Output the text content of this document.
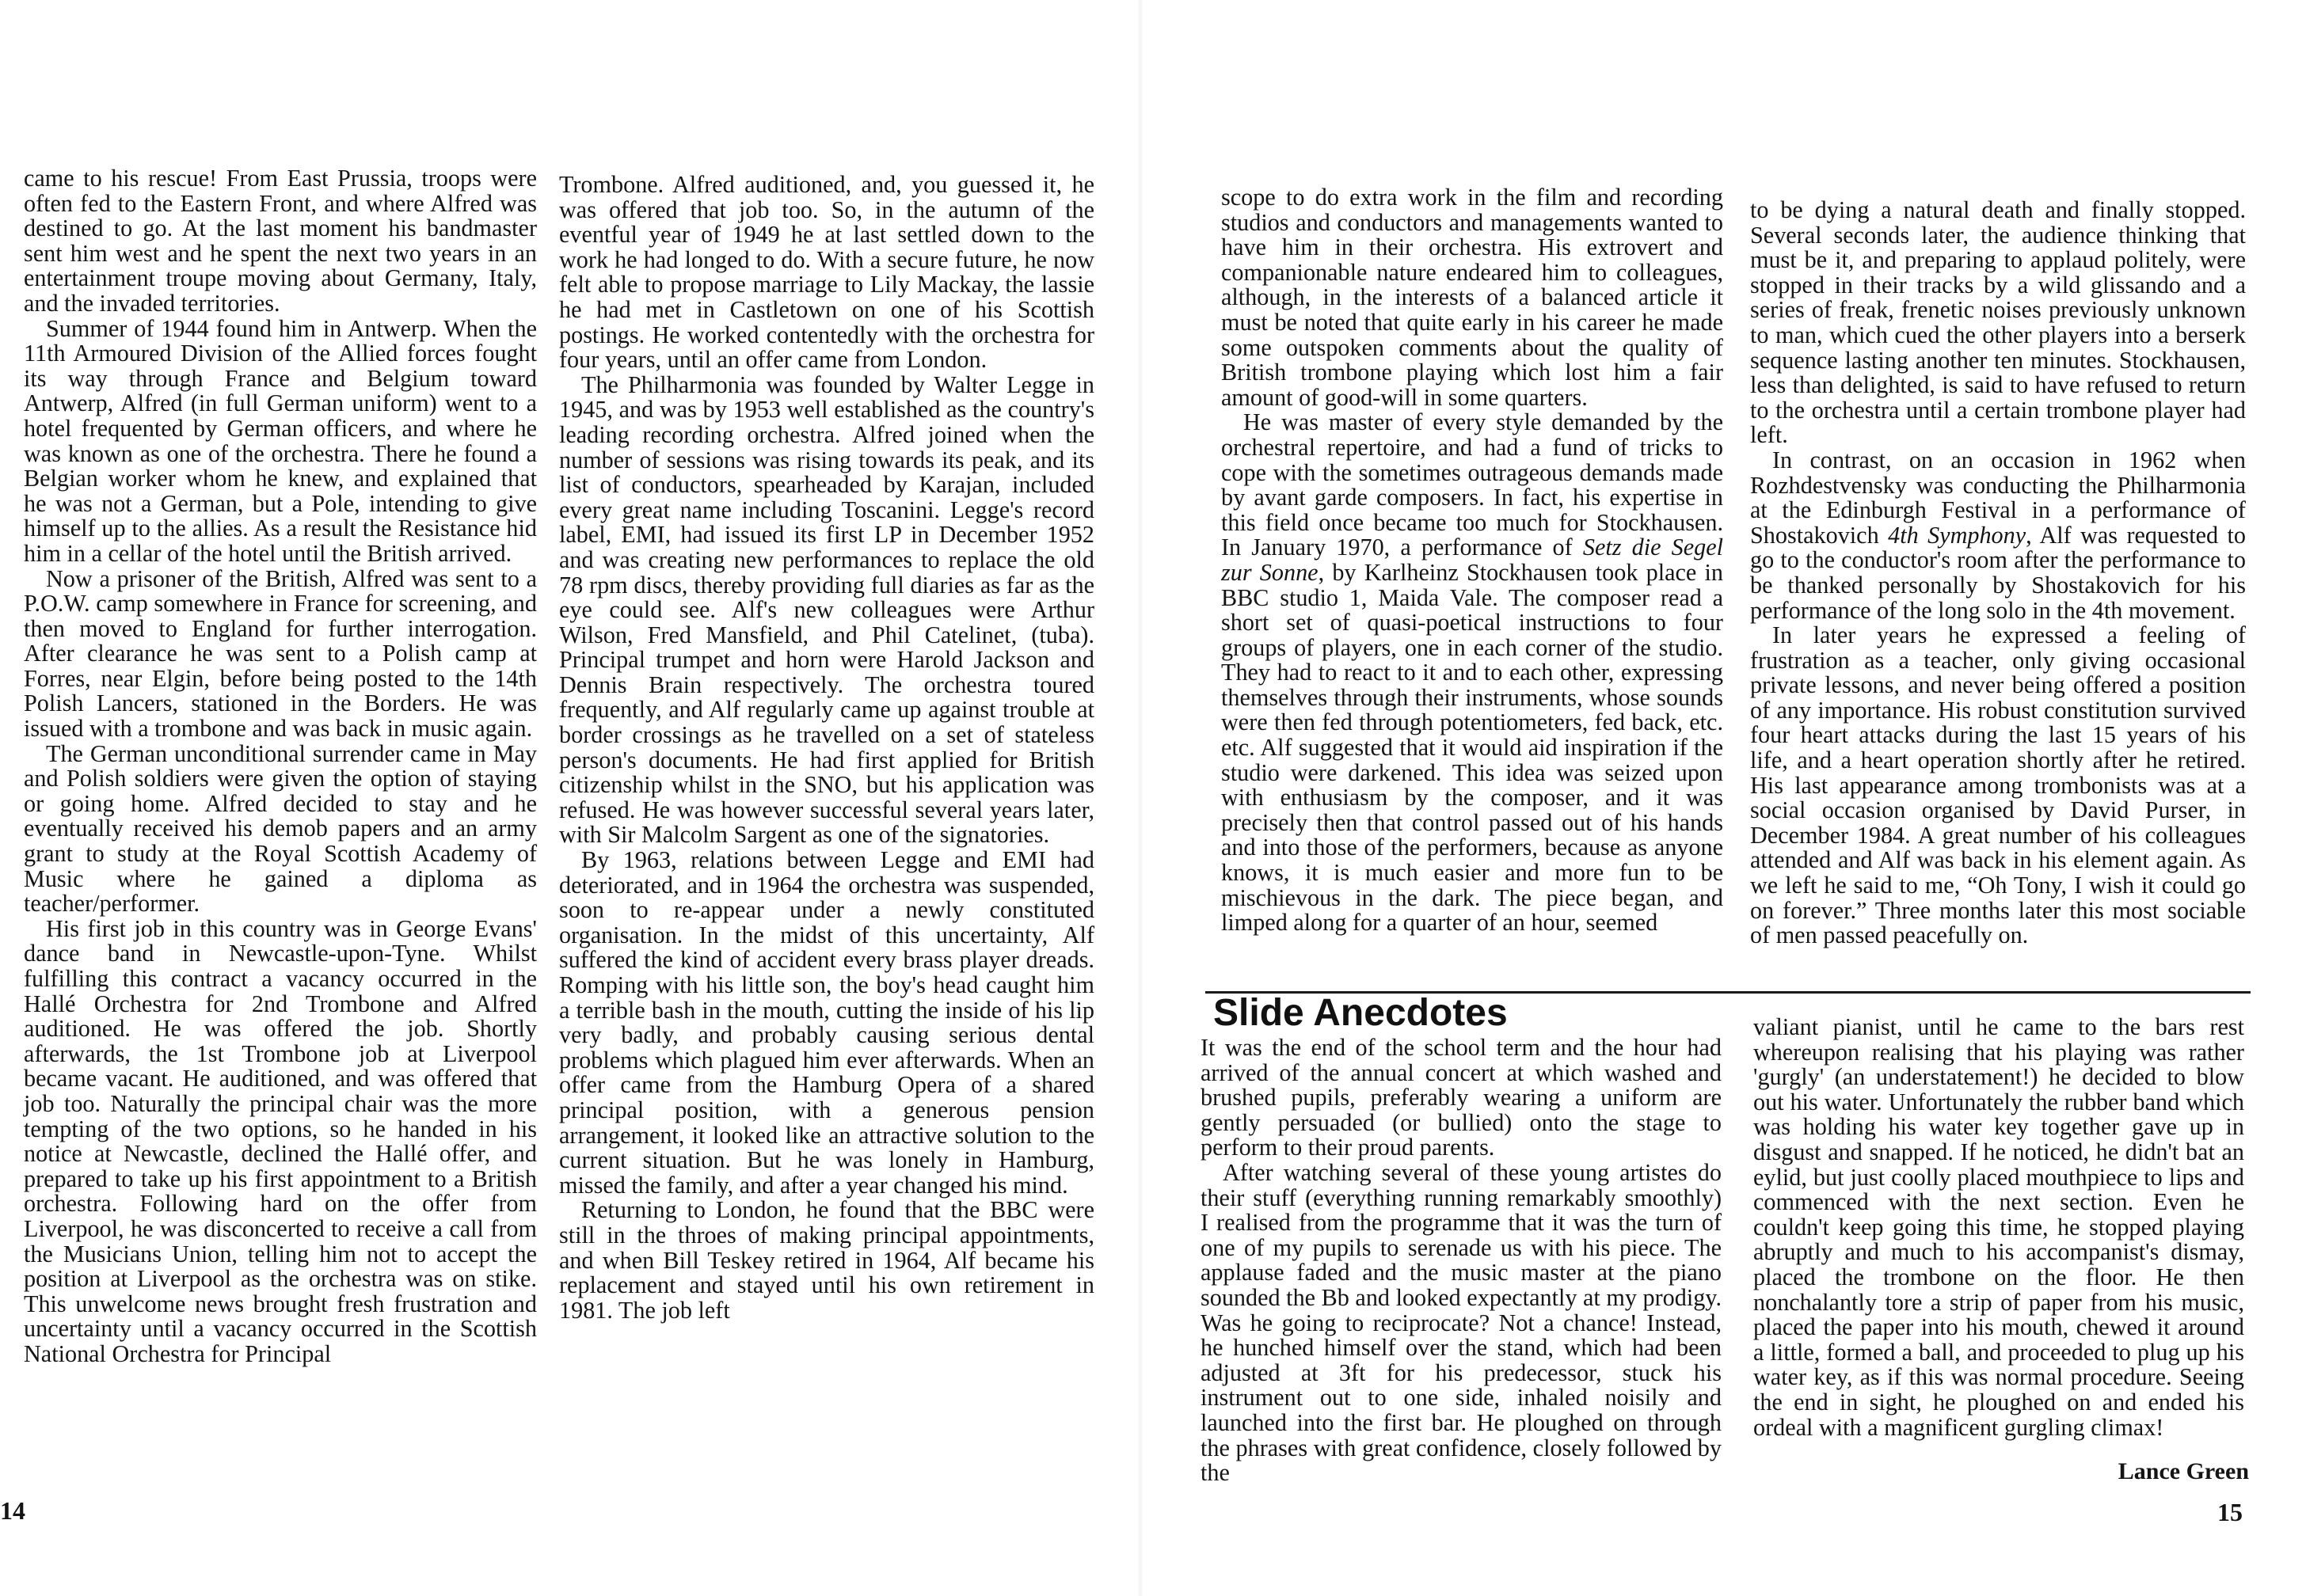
came to his rescue! From East Prussia, troops were often fed to the Eastern Front, and where Alfred was destined to go. At the last moment his bandmaster sent him west and he spent the next two years in an entertainment troupe moving about Germany, Italy, and the invaded territories.

Summer of 1944 found him in Antwerp. When the 11th Armoured Division of the Allied forces fought its way through France and Belgium toward Antwerp, Alfred (in full German uniform) went to a hotel frequented by German officers, and where he was known as one of the orchestra. There he found a Belgian worker whom he knew, and explained that he was not a German, but a Pole, intending to give himself up to the allies. As a result the Resistance hid him in a cellar of the hotel until the British arrived.

Now a prisoner of the British, Alfred was sent to a P.O.W. camp somewhere in France for screening, and then moved to England for further interrogation. After clearance he was sent to a Polish camp at Forres, near Elgin, before being posted to the 14th Polish Lancers, stationed in the Borders. He was issued with a trombone and was back in music again.

The German unconditional surrender came in May and Polish soldiers were given the option of staying or going home. Alfred decided to stay and he eventually received his demob papers and an army grant to study at the Royal Scottish Academy of Music where he gained a diploma as teacher/performer.

His first job in this country was in George Evans' dance band in Newcastle-upon-Tyne. Whilst fulfilling this contract a vacancy occurred in the Hallé Orchestra for 2nd Trombone and Alfred auditioned. He was offered the job. Shortly afterwards, the 1st Trombone job at Liverpool became vacant. He auditioned, and was offered that job too. Naturally the principal chair was the more tempting of the two options, so he handed in his notice at Newcastle, declined the Hallé offer, and prepared to take up his first appointment to a British orchestra. Following hard on the offer from Liverpool, he was disconcerted to receive a call from the Musicians Union, telling him not to accept the position at Liverpool as the orchestra was on stike. This unwelcome news brought fresh frustration and uncertainty until a vacancy occurred in the Scottish National Orchestra for Principal

Trombone. Alfred auditioned, and, you guessed it, he was offered that job too. So, in the autumn of the eventful year of 1949 he at last settled down to the work he had longed to do. With a secure future, he now felt able to propose marriage to Lily Mackay, the lassie he had met in Castletown on one of his Scottish postings. He worked contentedly with the orchestra for four years, until an offer came from London.

The Philharmonia was founded by Walter Legge in 1945, and was by 1953 well established as the country's leading recording orchestra. Alfred joined when the number of sessions was rising towards its peak, and its list of conductors, spearheaded by Karajan, included every great name including Toscanini. Legge's record label, EMI, had issued its first LP in December 1952 and was creating new performances to replace the old 78 rpm discs, thereby providing full diaries as far as the eye could see. Alf's new colleagues were Arthur Wilson, Fred Mansfield, and Phil Catelinet, (tuba). Principal trumpet and horn were Harold Jackson and Dennis Brain respectively. The orchestra toured frequently, and Alf regularly came up against trouble at border crossings as he travelled on a set of stateless person's documents. He had first applied for British citizenship whilst in the SNO, but his application was refused. He was however successful several years later, with Sir Malcolm Sargent as one of the signatories.

By 1963, relations between Legge and EMI had deteriorated, and in 1964 the orchestra was suspended, soon to re-appear under a newly constituted organisation. In the midst of this uncertainty, Alf suffered the kind of accident every brass player dreads. Romping with his little son, the boy's head caught him a terrible bash in the mouth, cutting the inside of his lip very badly, and probably causing serious dental problems which plagued him ever afterwards. When an offer came from the Hamburg Opera of a shared principal position, with a generous pension arrangement, it looked like an attractive solution to the current situation. But he was lonely in Hamburg, missed the family, and after a year changed his mind.

Returning to London, he found that the BBC were still in the throes of making principal appointments, and when Bill Teskey retired in 1964, Alf became his replacement and stayed until his own retirement in 1981. The job left

14

scope to do extra work in the film and recording studios and conductors and managements wanted to have him in their orchestra. His extrovert and companionable nature endeared him to colleagues, although, in the interests of a balanced article it must be noted that quite early in his career he made some outspoken comments about the quality of British trombone playing which lost him a fair amount of good-will in some quarters.

He was master of every style demanded by the orchestral repertoire, and had a fund of tricks to cope with the sometimes outrageous demands made by avant garde composers. In fact, his expertise in this field once became too much for Stockhausen. In January 1970, a performance of Setz die Segel zur Sonne, by Karlheinz Stockhausen took place in BBC studio 1, Maida Vale. The composer read a short set of quasi-poetical instructions to four groups of players, one in each corner of the studio. They had to react to it and to each other, expressing themselves through their instruments, whose sounds were then fed through potentiometers, fed back, etc. etc. Alf suggested that it would aid inspiration if the studio were darkened. This idea was seized upon with enthusiasm by the composer, and it was precisely then that control passed out of his hands and into those of the performers, because as anyone knows, it is much easier and more fun to be mischievous in the dark. The piece began, and limped along for a quarter of an hour, seemed

to be dying a natural death and finally stopped. Several seconds later, the audience thinking that must be it, and preparing to applaud politely, were stopped in their tracks by a wild glissando and a series of freak, frenetic noises previously unknown to man, which cued the other players into a berserk sequence lasting another ten minutes. Stockhausen, less than delighted, is said to have refused to return to the orchestra until a certain trombone player had left.

In contrast, on an occasion in 1962 when Rozhdestvensky was conducting the Philharmonia at the Edinburgh Festival in a performance of Shostakovich 4th Symphony, Alf was requested to go to the conductor's room after the performance to be thanked personally by Shostakovich for his performance of the long solo in the 4th movement.

In later years he expressed a feeling of frustration as a teacher, only giving occasional private lessons, and never being offered a position of any importance. His robust constitution survived four heart attacks during the last 15 years of his life, and a heart operation shortly after he retired. His last appearance among trombonists was at a social occasion organised by David Purser, in December 1984. A great number of his colleagues attended and Alf was back in his element again. As we left he said to me, “Oh Tony, I wish it could go on forever.” Three months later this most sociable of men passed peacefully on.

Slide Anecdotes

It was the end of the school term and the hour had arrived of the annual concert at which washed and brushed pupils, preferably wearing a uniform are gently persuaded (or bullied) onto the stage to perform to their proud parents.

After watching several of these young artistes do their stuff (everything running remarkably smoothly) I realised from the programme that it was the turn of one of my pupils to serenade us with his piece. The applause faded and the music master at the piano sounded the Bb and looked expectantly at my prodigy. Was he going to reciprocate? Not a chance! Instead, he hunched himself over the stand, which had been adjusted at 3ft for his predecessor, stuck his instrument out to one side, inhaled noisily and launched into the first bar. He ploughed on through the phrases with great confidence, closely followed by the

valiant pianist, until he came to the bars rest whereupon realising that his playing was rather 'gurgly' (an understatement!) he decided to blow out his water. Unfortunately the rubber band which was holding his water key together gave up in disgust and snapped. If he noticed, he didn't bat an eylid, but just coolly placed mouthpiece to lips and commenced with the next section. Even he couldn't keep going this time, he stopped playing abruptly and much to his accompanist's dismay, placed the trombone on the floor. He then nonchalantly tore a strip of paper from his music, placed the paper into his mouth, chewed it around a little, formed a ball, and proceeded to plug up his water key, as if this was normal procedure. Seeing the end in sight, he ploughed on and ended his ordeal with a magnificent gurgling climax!

Lance Green
15
